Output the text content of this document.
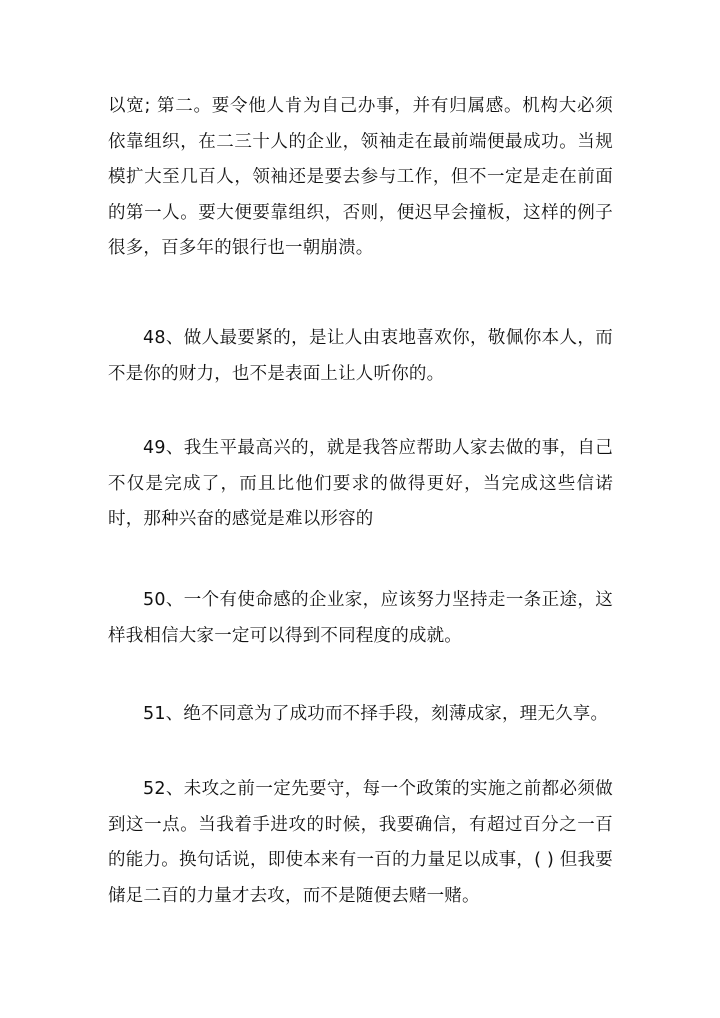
以宽; 第二。要令他人肯为自己办事，并有归属感。机构大必须依靠组织，在二三十人的企业，领袖走在最前端便最成功。当规模扩大至几百人，领袖还是要去参与工作，但不一定是走在前面的第一人。要大便要靠组织，否则，便迟早会撞板，这样的例子很多，百多年的银行也一朝崩溃。

48、做人最要紧的，是让人由衷地喜欢你，敬佩你本人，而不是你的财力，也不是表面上让人听你的。

49、我生平最高兴的，就是我答应帮助人家去做的事，自己不仅是完成了，而且比他们要求的做得更好，当完成这些信诺时，那种兴奋的感觉是难以形容的

50、一个有使命感的企业家，应该努力坚持走一条正途，这样我相信大家一定可以得到不同程度的成就。

51、绝不同意为了成功而不择手段，刻薄成家，理无久享。

52、未攻之前一定先要守，每一个政策的实施之前都必须做到这一点。当我着手进攻的时候，我要确信，有超过百分之一百的能力。换句话说，即使本来有一百的力量足以成事，( ) 但我要储足二百的力量才去攻，而不是随便去赌一赌。
